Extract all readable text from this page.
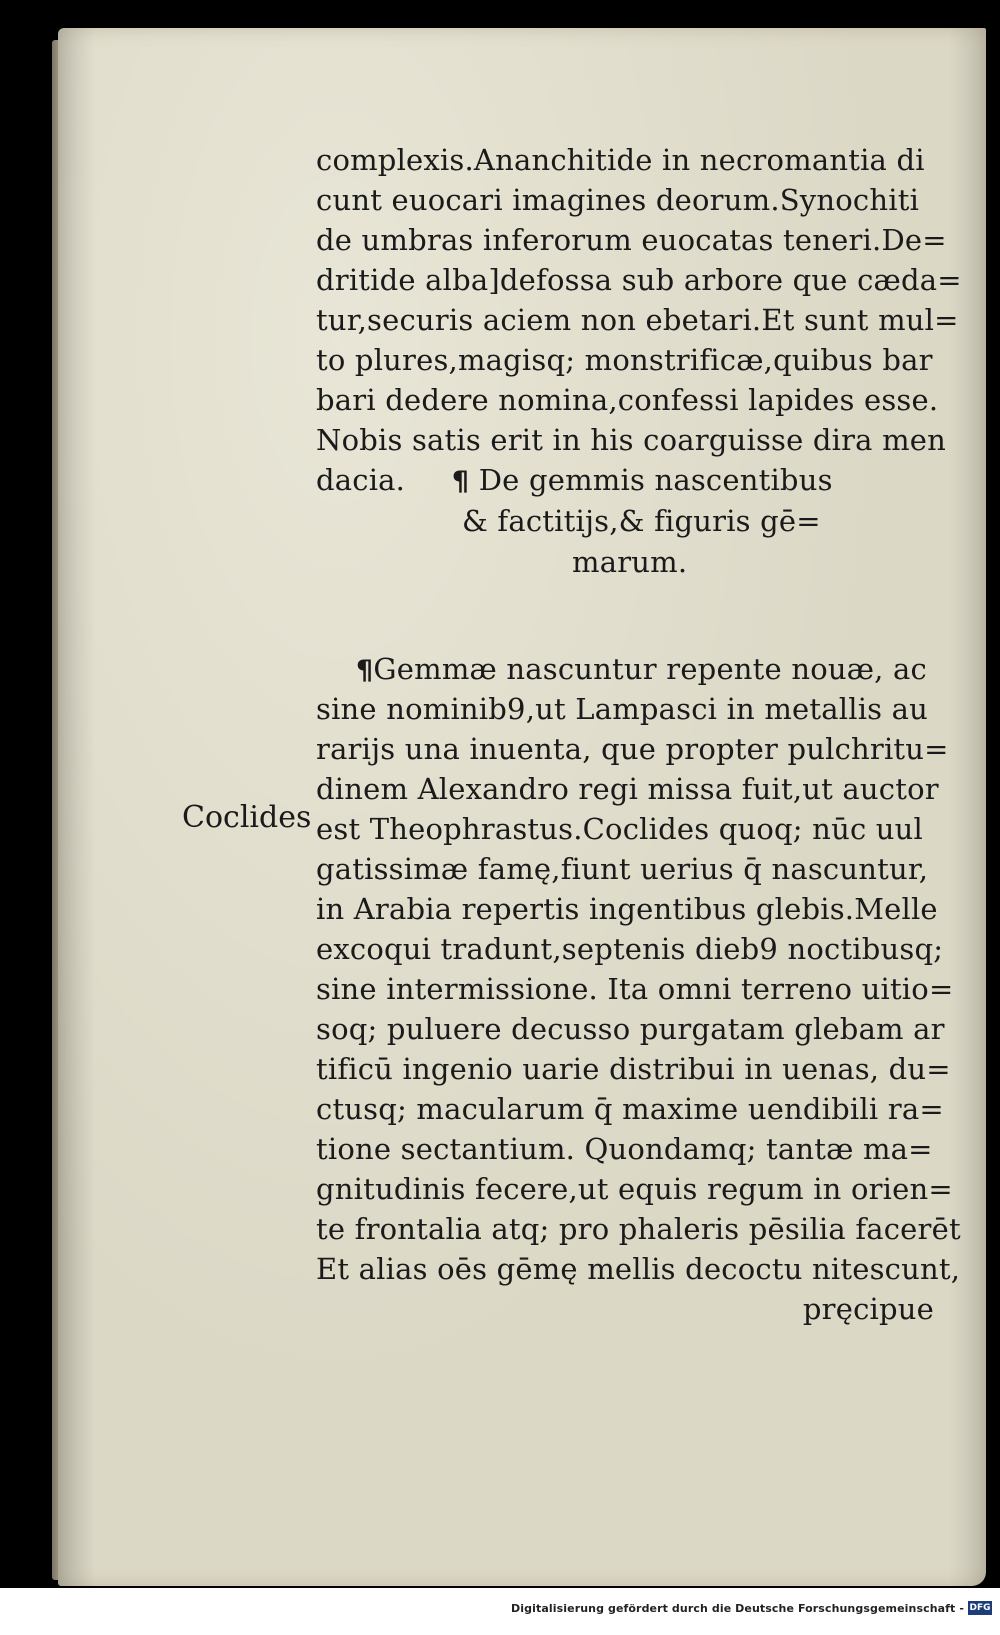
complexis.Ananchitide in necromantia di
cunt euocari imagines deorum.Synochiti
de umbras inferorum euocatas teneri.De=
dritide alba]defossa sub arbore que cæda=
tur,securis aciem non ebetari.Et sunt mul=
to plures,magisq; monstrificæ,quibus bar
bari dedere nomina,confessi lapides esse.
Nobis satis erit in his coarguisse dira men
dacia. ¶ De gemmis nascentibus
& factitijs,& figuris gē=
marum.
¶Gemmæ nascuntur repente nouæ, ac
sine nominib9,ut Lampasci in metallis au
rarijs una inuenta, que propter pulchritu=
dinem Alexandro regi missa fuit,ut auctor
est Theophrastus.Coclides quoq; nūc uul
gatissimæ famę,fiunt uerius q̄ nascuntur,
in Arabia repertis ingentibus glebis.Melle
excoqui tradunt,septenis dieb9 noctibusq;
sine intermissione. Ita omni terreno uitio=
soq; puluere decusso purgatam glebam ar
tificū ingenio uarie distribui in uenas, du=
ctusq; macularum q̄ maxime uendibili ra=
tione sectantium. Quondamq; tantæ ma=
gnitudinis fecere,ut equis regum in orien=
te frontalia atq; pro phaleris pēsilia facerēt
Et alias oēs gēmę mellis decoctu nitescunt,
pręcipue
Coclides
Digitalisierung gefördert durch die Deutsche Forschungsgemeinschaft - DFG
